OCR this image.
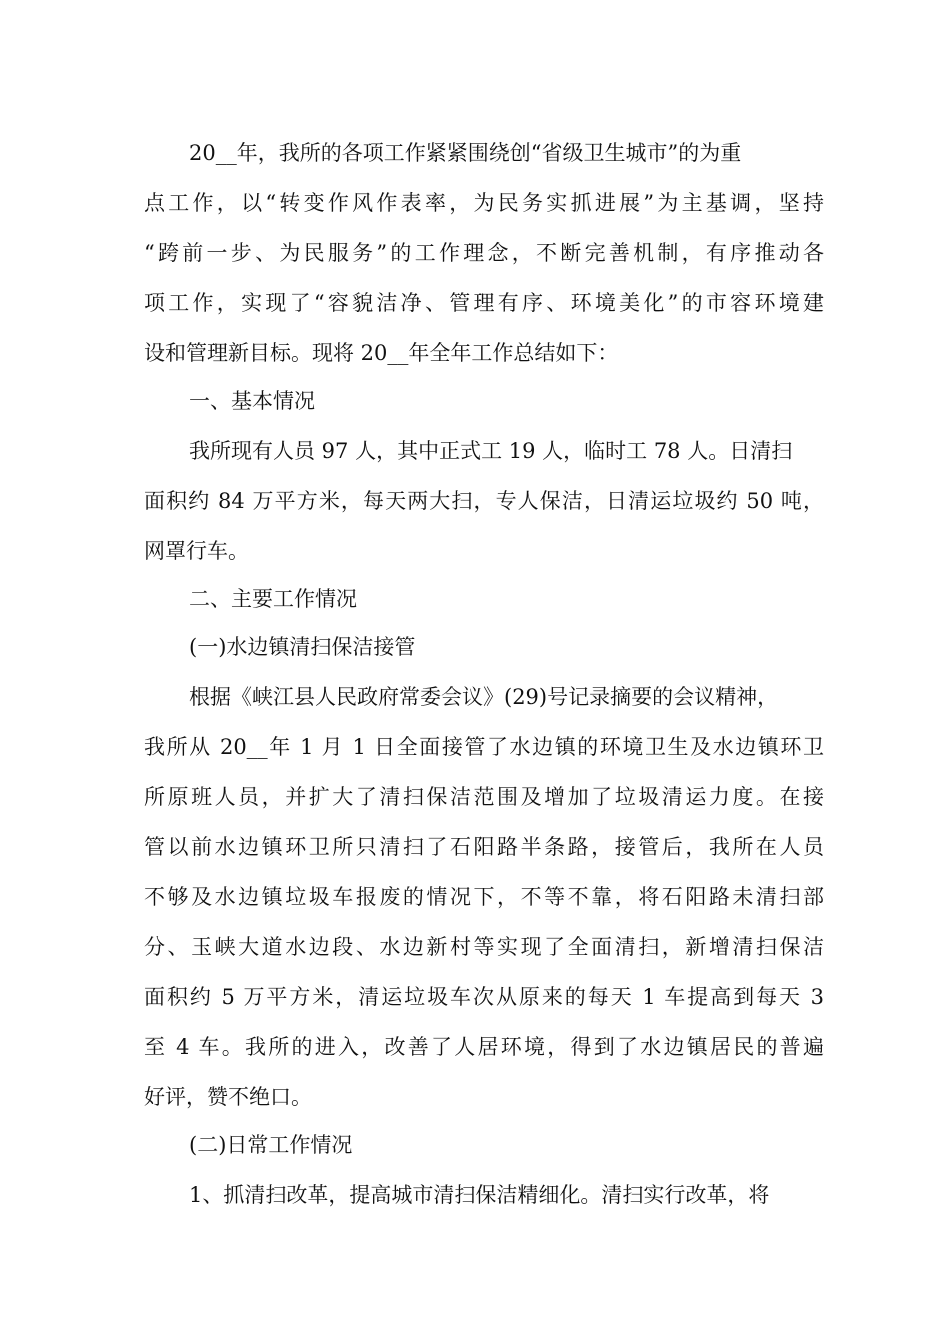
20__年，我所的各项工作紧紧围绕创“省级卫生城市”的为重
点工作，以“转变作风作表率，为民务实抓进展”为主基调，坚持
“跨前一步、为民服务”的工作理念，不断完善机制，有序推动各
项工作，实现了“容貌洁净、管理有序、环境美化”的市容环境建
设和管理新目标。现将 20__年全年工作总结如下：
一、基本情况
我所现有人员 97 人，其中正式工 19 人，临时工 78 人。日清扫
面积约 84 万平方米，每天两大扫，专人保洁，日清运垃圾约 50 吨，
网罩行车。
二、主要工作情况
(一)水边镇清扫保洁接管
根据《峡江县人民政府常委会议》(29)号记录摘要的会议精神，
我所从 20__年 1 月 1 日全面接管了水边镇的环境卫生及水边镇环卫
所原班人员，并扩大了清扫保洁范围及增加了垃圾清运力度。在接
管以前水边镇环卫所只清扫了石阳路半条路，接管后，我所在人员
不够及水边镇垃圾车报废的情况下，不等不靠，将石阳路未清扫部
分、玉峡大道水边段、水边新村等实现了全面清扫，新增清扫保洁
面积约 5 万平方米，清运垃圾车次从原来的每天 1 车提高到每天 3
至 4 车。我所的进入，改善了人居环境，得到了水边镇居民的普遍
好评，赞不绝口。
(二)日常工作情况
1、抓清扫改革，提高城市清扫保洁精细化。清扫实行改革，将
